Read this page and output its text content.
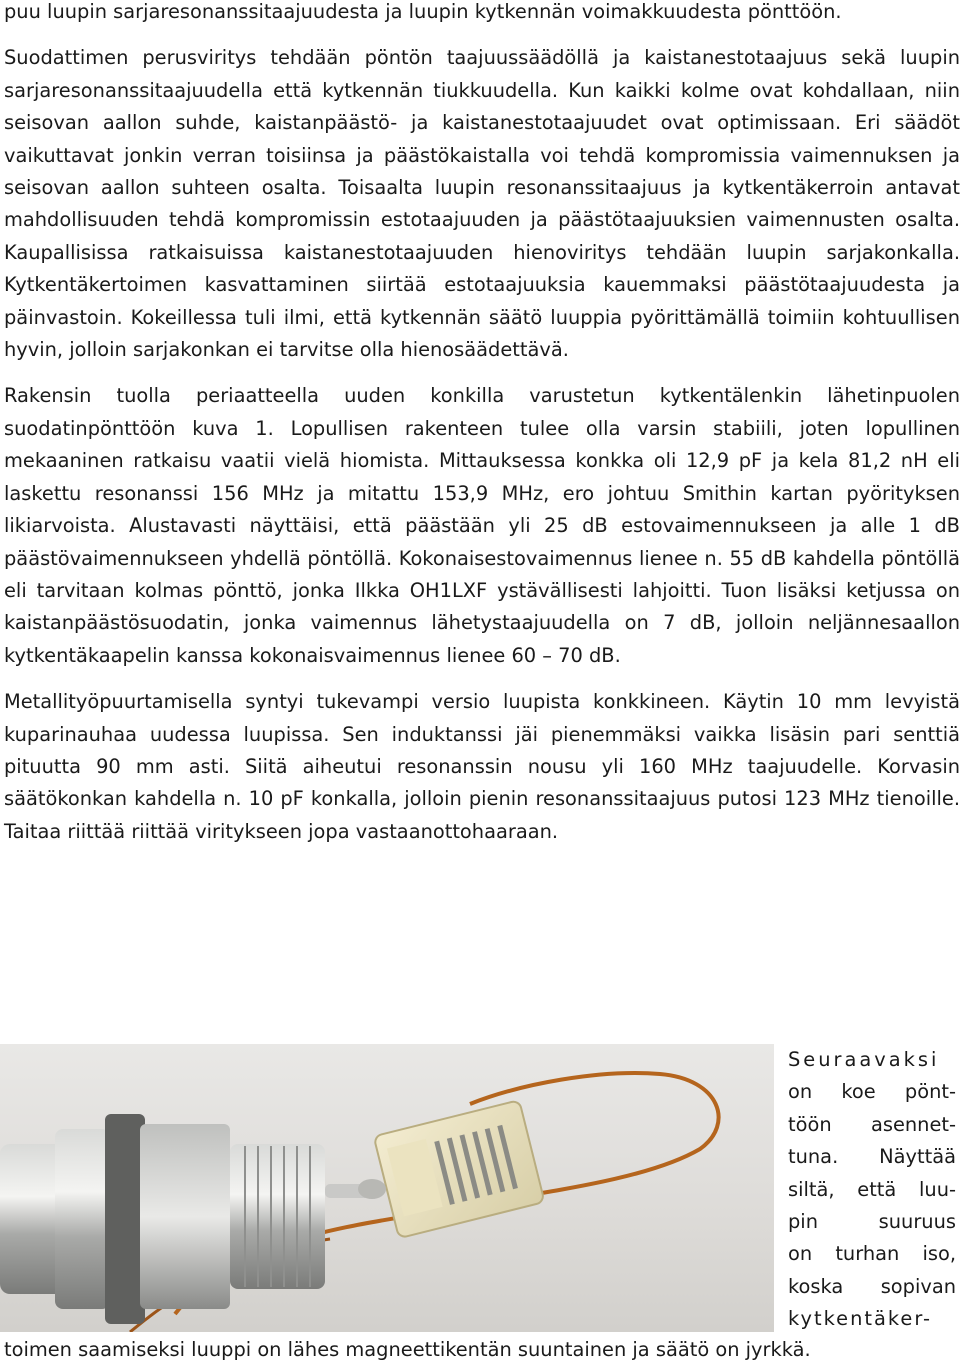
puu luupin sarjaresonanssitaajuudesta ja luupin kytkennän voimakkuudesta pönttöön.

Suodattimen perusviritys tehdään pöntön taajuussäädöllä ja kaistanestotaajuus sekä luupin sarjaresonanssitaajuudella että kytkennän tiukkuudella. Kun kaikki kolme ovat kohdallaan, niin seisovan aallon suhde, kaistanpäästö- ja kaistanestotaajuudet ovat optimissaan. Eri säädöt vaikuttavat jonkin verran toisiinsa ja päästökaistalla voi tehdä kompromissia vaimennuksen ja seisovan aallon suhteen osalta. Toisaalta luupin resonanssitaajuus ja kytkentäkerroin antavat mahdollisuuden tehdä kompromissin estotaajuuden ja päästötaajuuksien vaimennusten osalta. Kaupallisissa ratkaisuissa kaistanestotaajuuden hienoviritys tehdään luupin sarjakonkalla. Kytkentäkertoimen kasvattaminen siirtää estotaajuuksia kauemmaksi päästötaajuudesta ja päinvastoin. Kokeillessa tuli ilmi, että kytkennän säätö luuppia pyörittämällä toimiin kohtuullisen hyvin, jolloin sarjakonkan ei tarvitse olla hienosäädettävä.

Rakensin tuolla periaatteella uuden konkilla varustetun kytkentälenkin lähetinpuolen suodatinpönttöön kuva 1. Lopullisen rakenteen tulee olla varsin stabiili, joten lopullinen mekaaninen ratkaisu vaatii vielä hiomista. Mittauksessa konkka oli 12,9 pF ja kela 81,2 nH eli laskettu resonanssi 156 MHz ja mitattu 153,9 MHz, ero johtuu Smithin kartan pyörityksen likiarvoista. Alustavasti näyttäisi, että päästään yli 25 dB estovaimennukseen ja alle 1 dB päästövaimennukseen yhdellä pöntöllä. Kokonaisestovaimennus lienee n. 55 dB kahdella pöntöllä eli tarvitaan kolmas pönttö, jonka Ilkka OH1LXF ystävällisesti lahjoitti. Tuon lisäksi ketjussa on kaistanpäästösuodatin, jonka vaimennus lähetystaajuudella on 7 dB, jolloin neljännesaallon kytkentäkaapelin kanssa kokonaisvaimennus lienee 60 – 70 dB.

Metallityöpuurtamisella syntyi tukevampi versio luupista konkkineen. Käytin 10 mm levyistä kuparinauhaa uudessa luupissa. Sen induktanssi jäi pienemmäksi vaikka lisäsin pari senttiä pituutta 90 mm asti. Siitä aiheutui resonanssin nousu yli 160 MHz taajuudelle. Korvasin säätökonkan kahdella n. 10 pF konkalla, jolloin pienin resonanssitaajuus putosi 123 MHz tienoille. Taitaa riittää riittää viritykseen jopa vastaanottohaaraan.

Seuraavaksi
on koe pönt-
töön asennet-
tuna. Näyttää
siltä, että luu-
pin suuruus
on turhan iso,
koska sopivan
kytkentäker-
toimen saamiseksi luuppi on lähes magneettikentän suuntainen ja säätö on jyrkkä.
